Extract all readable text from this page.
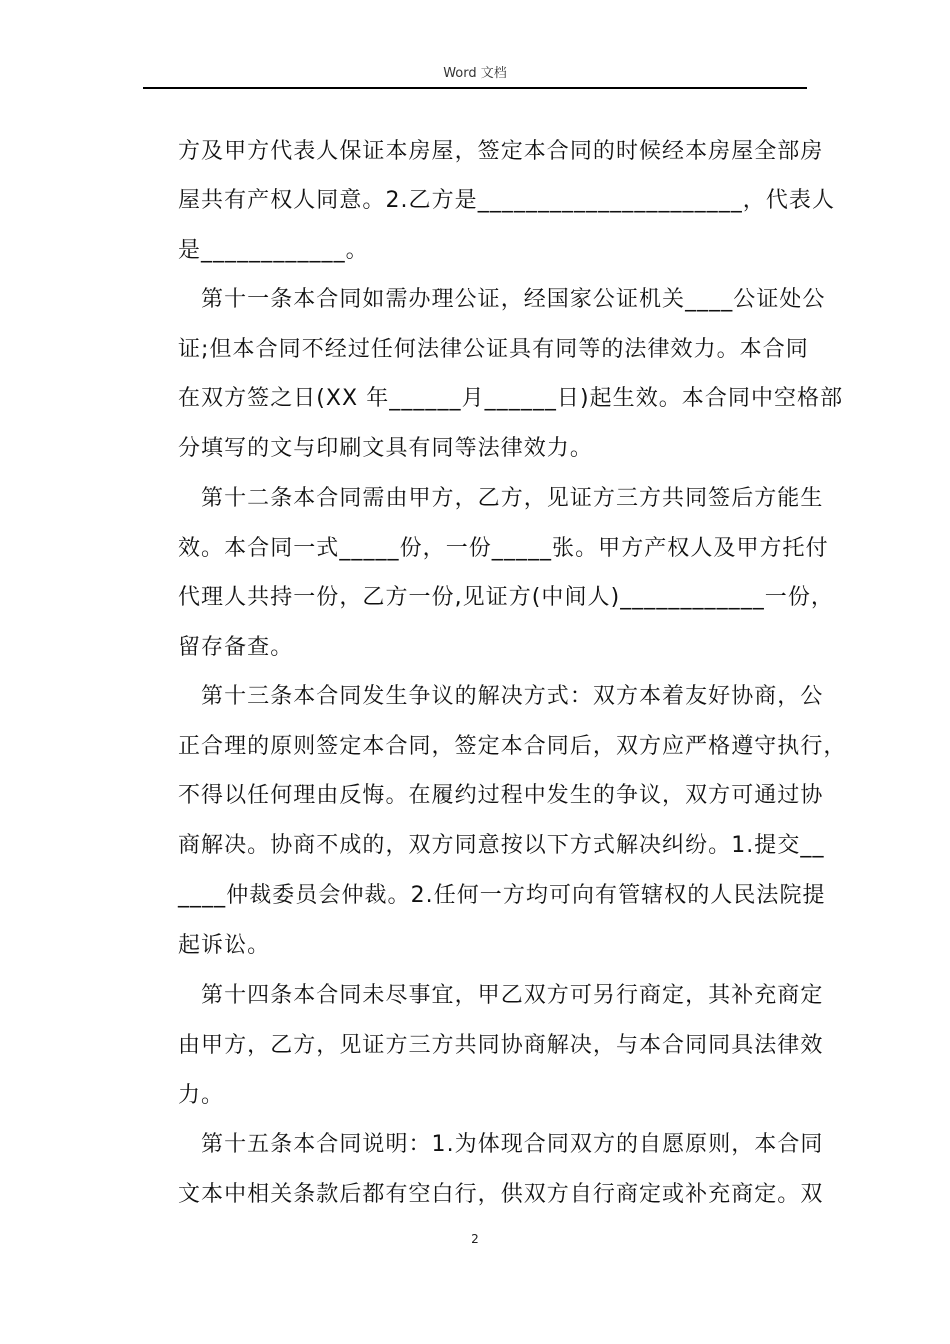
Word 文档
方及甲方代表人保证本房屋，签定本合同的时候经本房屋全部房
屋共有产权人同意。2.乙方是______________________，代表人
是____________。
　第十一条本合同如需办理公证，经国家公证机关____公证处公
证;但本合同不经过任何法律公证具有同等的法律效力。本合同
在双方签之日(XX 年______月______日)起生效。本合同中空格部
分填写的文与印刷文具有同等法律效力。
　第十二条本合同需由甲方，乙方，见证方三方共同签后方能生
效。本合同一式_____份，一份_____张。甲方产权人及甲方托付
代理人共持一份，乙方一份,见证方(中间人)____________一份，
留存备查。
　第十三条本合同发生争议的解决方式：双方本着友好协商，公
正合理的原则签定本合同，签定本合同后，双方应严格遵守执行，
不得以任何理由反悔。在履约过程中发生的争议，双方可通过协
商解决。协商不成的，双方同意按以下方式解决纠纷。1.提交__
____仲裁委员会仲裁。2.任何一方均可向有管辖权的人民法院提
起诉讼。
　第十四条本合同未尽事宜，甲乙双方可另行商定，其补充商定
由甲方，乙方，见证方三方共同协商解决，与本合同同具法律效
力。
　第十五条本合同说明：1.为体现合同双方的自愿原则，本合同
文本中相关条款后都有空白行，供双方自行商定或补充商定。双
2
